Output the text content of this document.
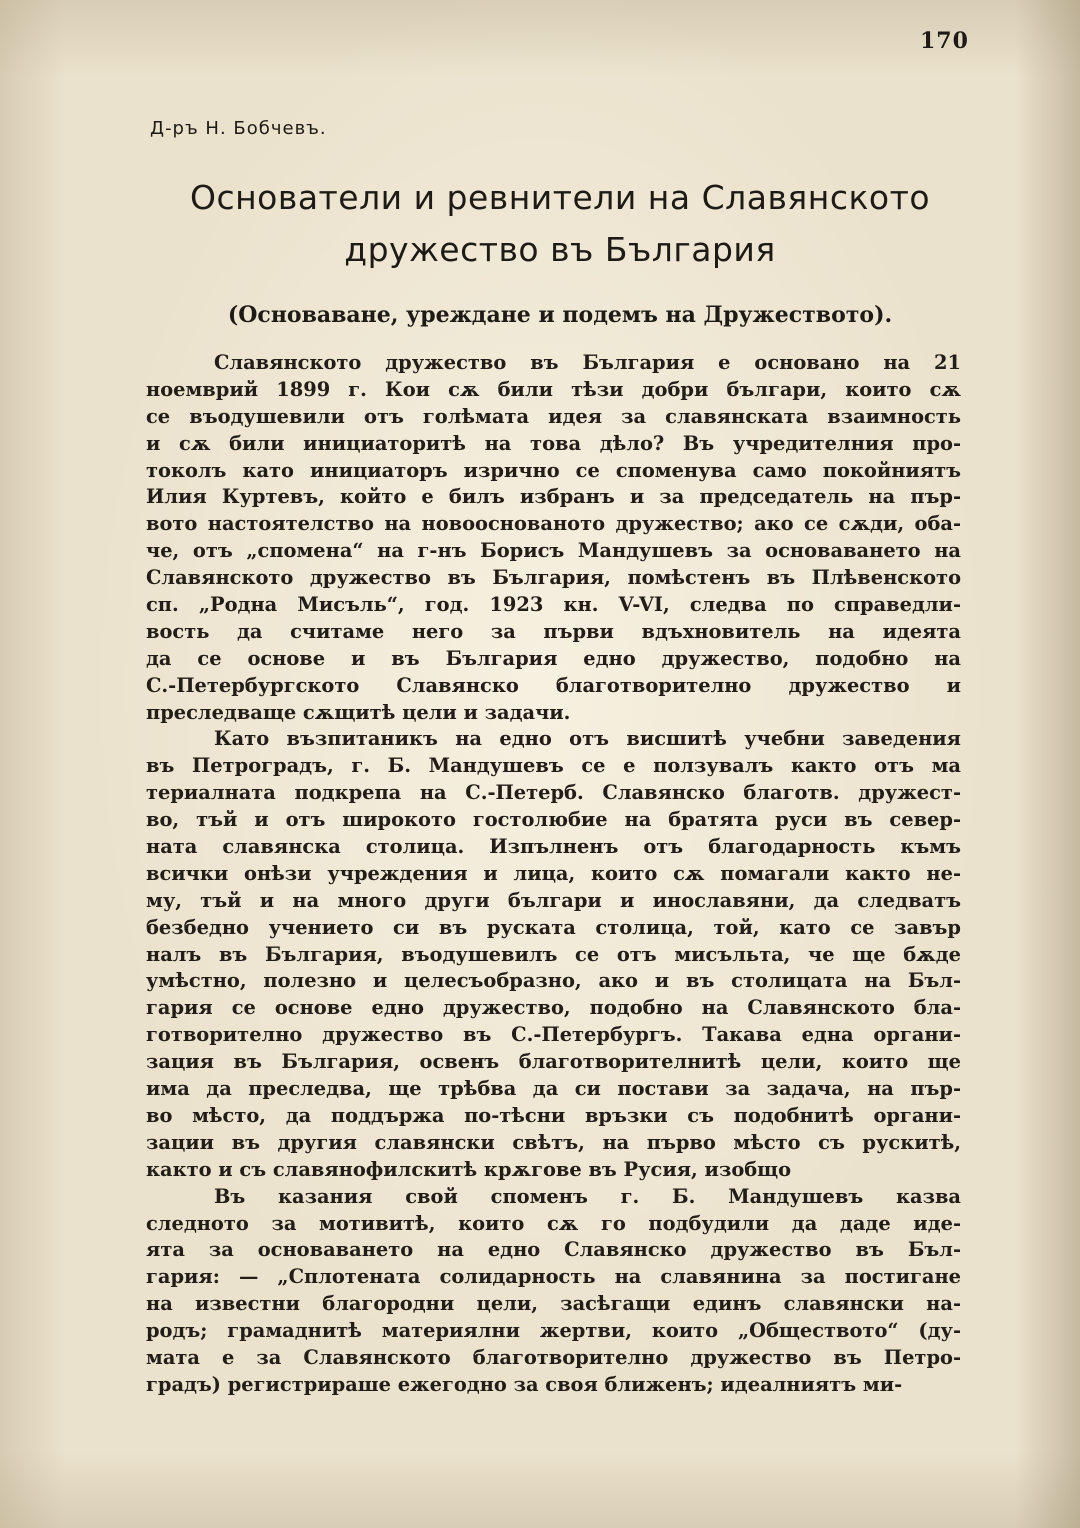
170
Д-ръ Н. Бобчевъ.
Основатели и ревнители на Славянското
дружество въ България
(Основаване, уреждане и подемъ на Дружеството).
Славянското дружество въ България е основано на 21
ноемврий 1899 г. Кои сѫ били тѣзи добри българи, които сѫ
се въодушевили отъ голѣмата идея за славянската взаимность
и сѫ били инициаторитѣ на това дѣло? Въ учредителния про-
токолъ като инициаторъ изрично се споменува само покойниятъ
Илия Куртевъ, който е билъ избранъ и за председатель на пър-
вото настоятелство на новооснованото дружество; ако се сѫди, оба-
че, отъ „спомена“ на г-нъ Борисъ Мандушевъ за основаването на
Славянското дружество въ България, помѣстенъ въ Плѣвенското
сп. „Родна Мисъль“, год. 1923 кн. V-VI, следва по справедли-
вость да считаме него за първи вдъхновитель на идеята
да се основе и въ България едно дружество, подобно на
С.-Петербургското Славянско благотворително дружество и
преследваще сѫщитѣ цели и задачи.
Като възпитаникъ на едно отъ висшитѣ учебни заведения
въ Петроградъ, г. Б. Мандушевъ се е ползувалъ както отъ ма
териалната подкрепа на С.-Петерб. Славянско благотв. дружест-
во, тъй и отъ широкото гостолюбие на братята руси въ север-
ната славянска столица. Изпълненъ отъ благодарность къмъ
всички онѣзи учреждения и лица, които сѫ помагали както не-
му, тъй и на много други българи и инославяни, да следватъ
безбедно учението си въ руската столица, той, като се завър
налъ въ България, въодушевилъ се отъ мисъльта, че ще бѫде
умѣстно, полезно и целесъобразно, ако и въ столицата на Бъл-
гария се основе едно дружество, подобно на Славянското бла-
готворително дружество въ С.-Петербургъ. Такава една органи-
зация въ България, освенъ благотворителнитѣ цели, които ще
има да преследва, ще трѣбва да си постави за задача, на пър-
во мѣсто, да поддържа по-тѣсни връзки съ подобнитѣ органи-
зации въ другия славянски свѣтъ, на първо мѣсто съ рускитѣ,
както и съ славянофилскитѣ крѫгове въ Русия, изобщо
Въ казания свой споменъ г. Б. Мандушевъ казва
следното за мотивитѣ, които сѫ го подбудили да даде иде-
ята за основаването на едно Славянско дружество въ Бъл-
гария: — „Сплотената солидарность на славянина за постигане
на известни благородни цели, засѣгащи единъ славянски на-
родъ; грамаднитѣ материялни жертви, които „Обществото“ (ду-
мата е за Славянското благотворително дружество въ Петро-
градъ) регистрираше ежегодно за своя ближенъ; идеалниятъ ми-
